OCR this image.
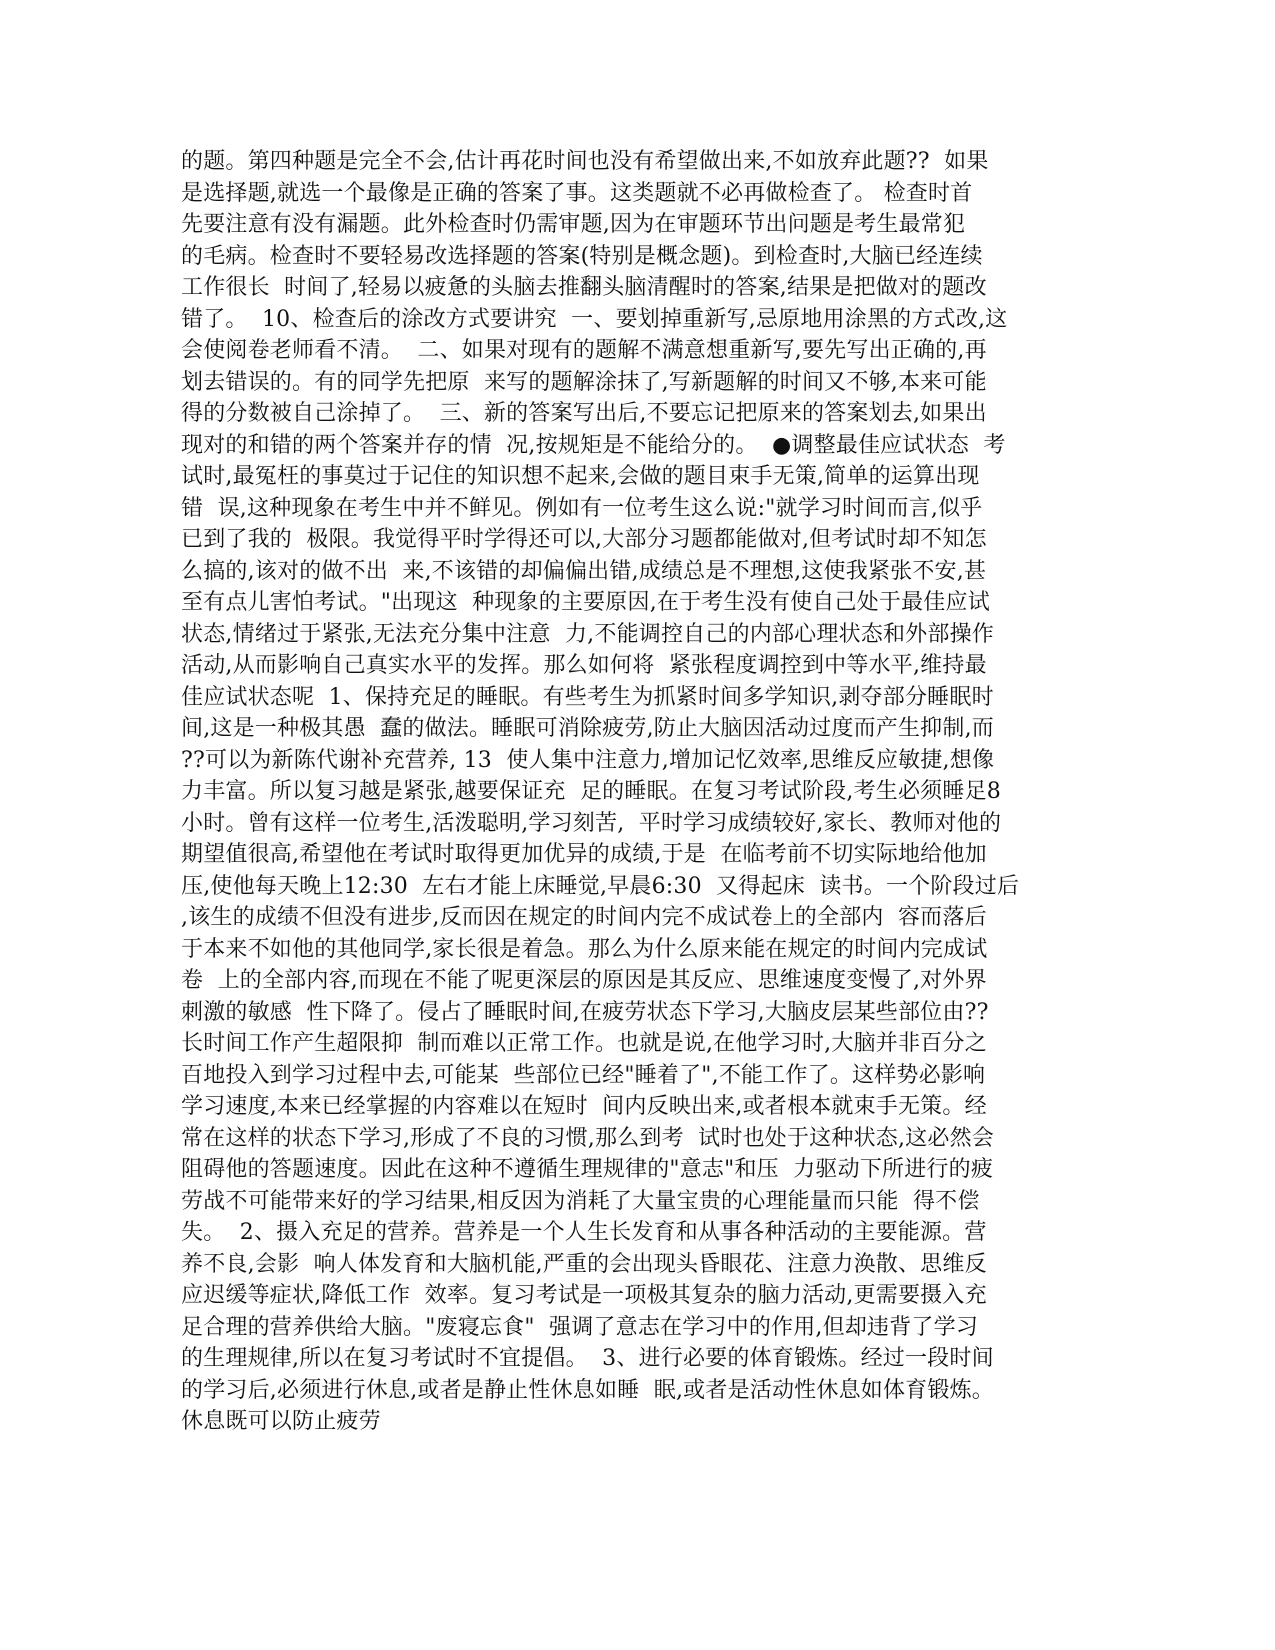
的题。第四种题是完全不会,估计再花时间也没有希望做出来,不如放弃此题??  如果
是选择题,就选一个最像是正确的答案了事。这类题就不必再做检查了。 检查时首
先要注意有没有漏题。此外检查时仍需审题,因为在审题环节出问题是考生最常犯
的毛病。检查时不要轻易改选择题的答案(特别是概念题)。到检查时,大脑已经连续
工作很长  时间了,轻易以疲惫的头脑去推翻头脑清醒时的答案,结果是把做对的题改
错了。  10、检查后的涂改方式要讲究  一、要划掉重新写,忌原地用涂黑的方式改,这
会使阅卷老师看不清。  二、如果对现有的题解不满意想重新写,要先写出正确的,再
划去错误的。有的同学先把原  来写的题解涂抹了,写新题解的时间又不够,本来可能
得的分数被自己涂掉了。  三、新的答案写出后,不要忘记把原来的答案划去,如果出
现对的和错的两个答案并存的情  况,按规矩是不能给分的。  ●调整最佳应试状态  考
试时,最冤枉的事莫过于记住的知识想不起来,会做的题目束手无策,简单的运算出现
错  误,这种现象在考生中并不鲜见。例如有一位考生这么说:"就学习时间而言,似乎
已到了我的  极限。我觉得平时学得还可以,大部分习题都能做对,但考试时却不知怎
么搞的,该对的做不出  来,不该错的却偏偏出错,成绩总是不理想,这使我紧张不安,甚
至有点儿害怕考试。"出现这  种现象的主要原因,在于考生没有使自己处于最佳应试
状态,情绪过于紧张,无法充分集中注意  力,不能调控自己的内部心理状态和外部操作
活动,从而影响自己真实水平的发挥。那么如何将  紧张程度调控到中等水平,维持最
佳应试状态呢  1、保持充足的睡眠。有些考生为抓紧时间多学知识,剥夺部分睡眠时
间,这是一种极其愚  蠢的做法。睡眠可消除疲劳,防止大脑因活动过度而产生抑制,而
??可以为新陈代谢补充营养, 13  使人集中注意力,增加记忆效率,思维反应敏捷,想像
力丰富。所以复习越是紧张,越要保证充  足的睡眠。在复习考试阶段,考生必须睡足8
小时。曾有这样一位考生,活泼聪明,学习刻苦,  平时学习成绩较好,家长、教师对他的
期望值很高,希望他在考试时取得更加优异的成绩,于是  在临考前不切实际地给他加
压,使他每天晚上12:30  左右才能上床睡觉,早晨6:30  又得起床  读书。一个阶段过后
,该生的成绩不但没有进步,反而因在规定的时间内完不成试卷上的全部内  容而落后
于本来不如他的其他同学,家长很是着急。那么为什么原来能在规定的时间内完成试
卷  上的全部内容,而现在不能了呢更深层的原因是其反应、思维速度变慢了,对外界
刺激的敏感  性下降了。侵占了睡眠时间,在疲劳状态下学习,大脑皮层某些部位由??
长时间工作产生超限抑  制而难以正常工作。也就是说,在他学习时,大脑并非百分之
百地投入到学习过程中去,可能某  些部位已经"睡着了",不能工作了。这样势必影响
学习速度,本来已经掌握的内容难以在短时  间内反映出来,或者根本就束手无策。经
常在这样的状态下学习,形成了不良的习惯,那么到考  试时也处于这种状态,这必然会
阻碍他的答题速度。因此在这种不遵循生理规律的"意志"和压  力驱动下所进行的疲
劳战不可能带来好的学习结果,相反因为消耗了大量宝贵的心理能量而只能  得不偿
失。  2、摄入充足的营养。营养是一个人生长发育和从事各种活动的主要能源。营
养不良,会影  响人体发育和大脑机能,严重的会出现头昏眼花、注意力涣散、思维反
应迟缓等症状,降低工作  效率。复习考试是一项极其复杂的脑力活动,更需要摄入充
足合理的营养供给大脑。"废寝忘食"  强调了意志在学习中的作用,但却违背了学习
的生理规律,所以在复习考试时不宜提倡。  3、进行必要的体育锻炼。经过一段时间
的学习后,必须进行休息,或者是静止性休息如睡  眠,或者是活动性休息如体育锻炼。
休息既可以防止疲劳
